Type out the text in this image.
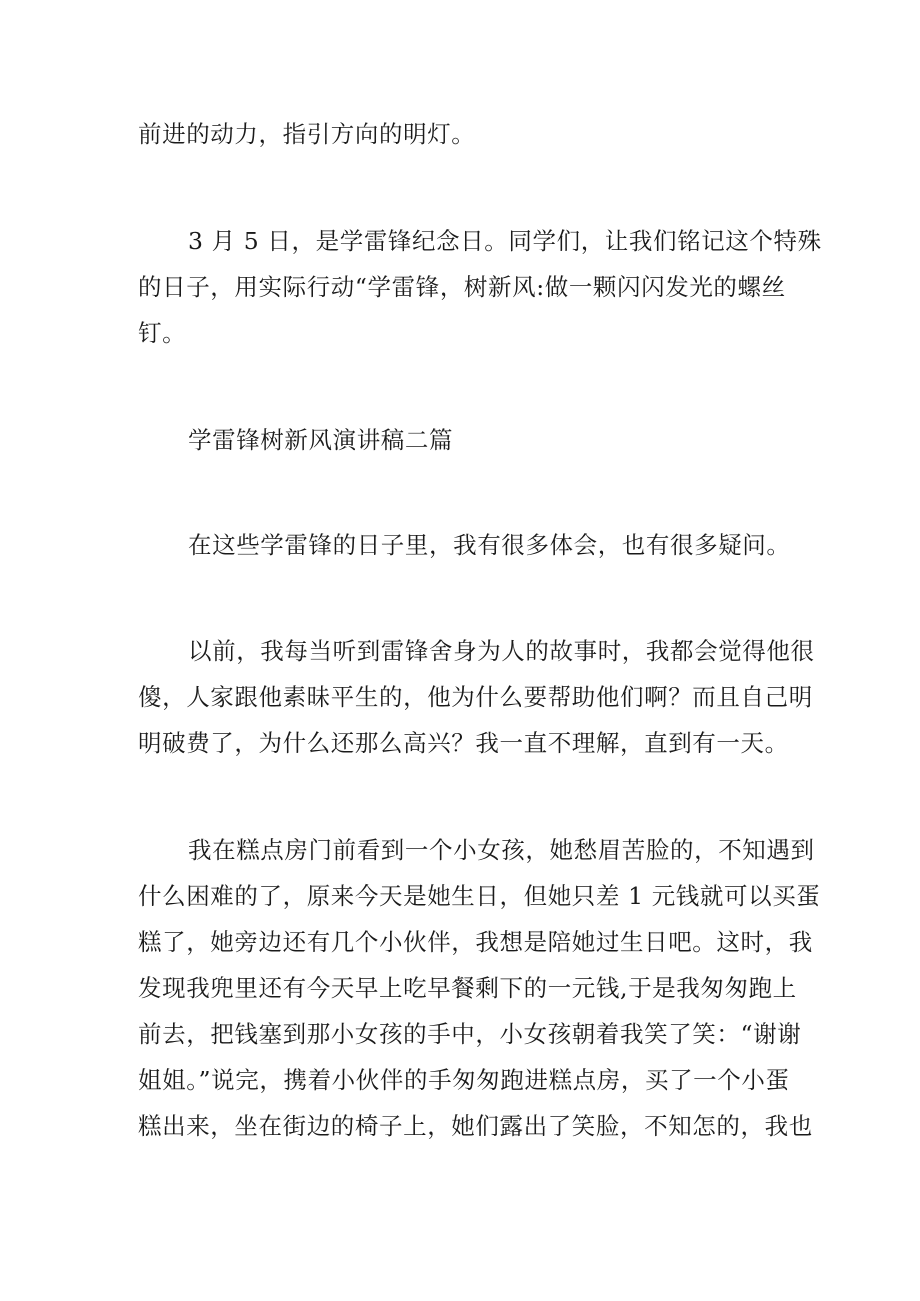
前进的动力，指引方向的明灯。
3 月 5 日，是学雷锋纪念日。同学们，让我们铭记这个特殊
的日子，用实际行动“学雷锋，树新风:做一颗闪闪发光的螺丝
钉。
学雷锋树新风演讲稿二篇
在这些学雷锋的日子里，我有很多体会，也有很多疑问。
以前，我每当听到雷锋舍身为人的故事时，我都会觉得他很
傻，人家跟他素昧平生的，他为什么要帮助他们啊？而且自己明
明破费了，为什么还那么高兴？我一直不理解，直到有一天。
我在糕点房门前看到一个小女孩，她愁眉苦脸的，不知遇到
什么困难的了，原来今天是她生日，但她只差 1 元钱就可以买蛋
糕了，她旁边还有几个小伙伴，我想是陪她过生日吧。这时，我
发现我兜里还有今天早上吃早餐剩下的一元钱,于是我匆匆跑上
前去，把钱塞到那小女孩的手中，小女孩朝着我笑了笑：“谢谢
姐姐。”说完，携着小伙伴的手匆匆跑进糕点房，买了一个小蛋
糕出来，坐在街边的椅子上，她们露出了笑脸，不知怎的，我也
